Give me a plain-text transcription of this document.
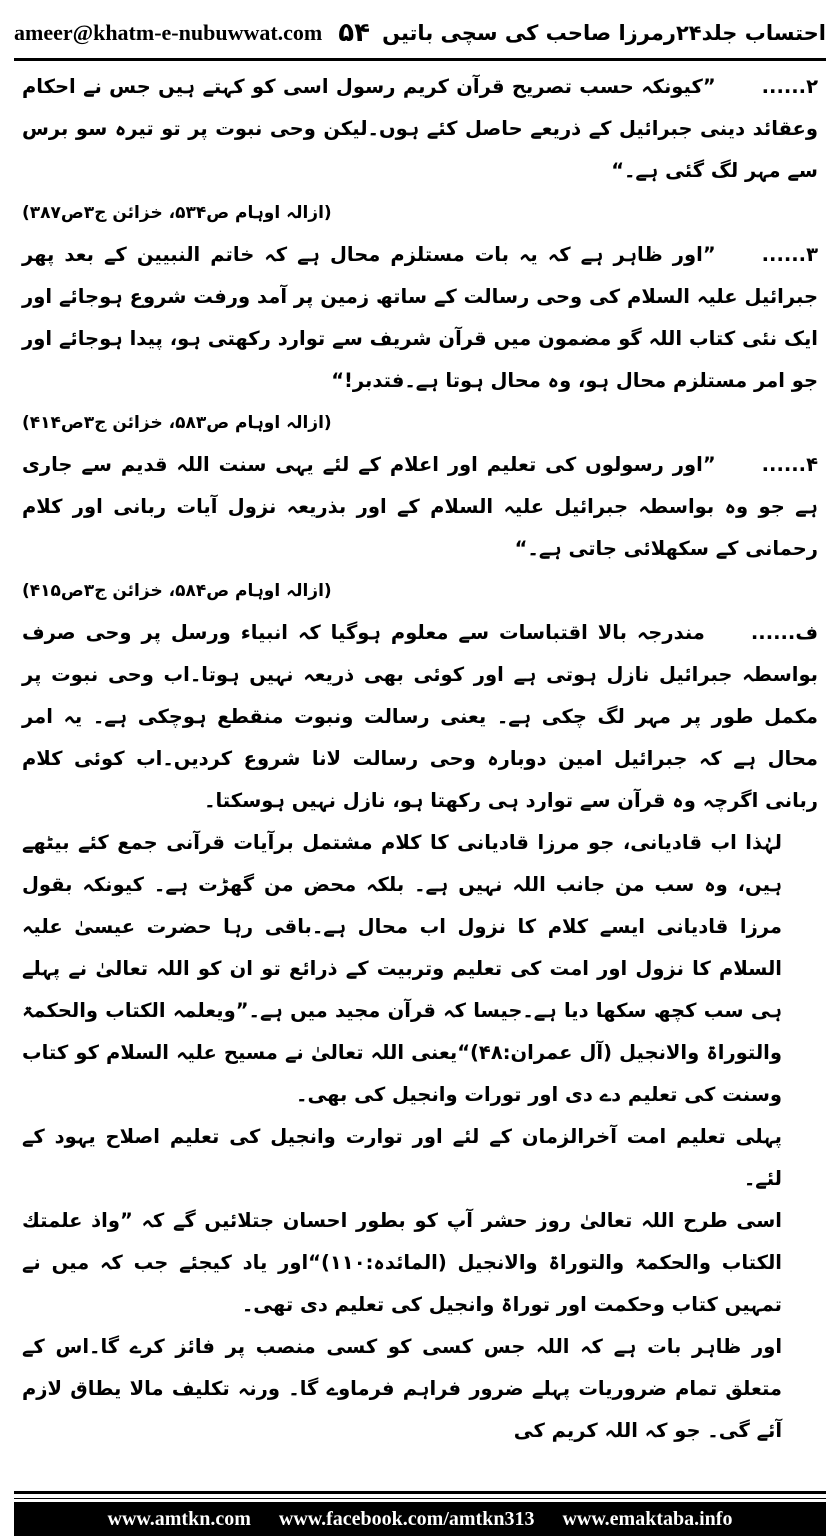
ameer@khatm-e-nubuwwat.com ۵۴ احتساب جلد۲۴رمرزا صاحب کی سچی باتیں

۲......”کیونکہ حسب تصریح قرآن کریم رسول اسی کو کہتے ہیں جس نے احکام وعقائد دینی جبرائیل کے ذریعے حاصل کئے ہوں۔لیکن وحی نبوت پر تو تیرہ سو برس سے مہر لگ گئی ہے۔“

(ازالہ اوہام ص۵۳۴، خزائن ج۳ص۳۸۷)

۳......”اور ظاہر ہے کہ یہ بات مستلزم محال ہے کہ خاتم النبیین کے بعد پھر جبرائیل علیہ السلام کی وحی رسالت کے ساتھ زمین پر آمد ورفت شروع ہوجائے اور ایک نئی کتاب اللہ گو مضمون میں قرآن شریف سے توارد رکھتی ہو، پیدا ہوجائے اور جو امر مستلزم محال ہو، وہ محال ہوتا ہے۔فتدبر!“

(ازالہ اوہام ص۵۸۳، خزائن ج۳ص۴۱۴)

۴......”اور رسولوں کی تعلیم اور اعلام کے لئے یہی سنت اللہ قدیم سے جاری ہے جو وہ بواسطہ جبرائیل علیہ السلام کے اور بذریعہ نزول آیات ربانی اور کلام رحمانی کے سکھلائی جاتی ہے۔“

(ازالہ اوہام ص۵۸۴، خزائن ج۳ص۴۱۵)

ف......مندرجہ بالا اقتباسات سے معلوم ہوگیا کہ انبیاء ورسل پر وحی صرف بواسطہ جبرائیل نازل ہوتی ہے اور کوئی بھی ذریعہ نہیں ہوتا۔اب وحی نبوت پر مکمل طور پر مہر لگ چکی ہے۔ یعنی رسالت ونبوت منقطع ہوچکی ہے۔ یہ امر محال ہے کہ جبرائیل امین دوبارہ وحی رسالت لانا شروع کردیں۔اب کوئی کلام ربانی اگرچہ وہ قرآن سے توارد ہی رکھتا ہو، نازل نہیں ہوسکتا۔

لہٰذا اب قادیانی، جو مرزا قادیانی کا کلام مشتمل برآیات قرآنی جمع کئے بیٹھے ہیں، وہ سب من جانب اللہ نہیں ہے۔ بلکہ محض من گھڑت ہے۔ کیونکہ بقول مرزا قادیانی ایسے کلام کا نزول اب محال ہے۔باقی رہا حضرت عیسیٰ علیہ السلام کا نزول اور امت کی تعلیم وتربیت کے ذرائع تو ان کو اللہ تعالیٰ نے پہلے ہی سب کچھ سکھا دیا ہے۔جیسا کہ قرآن مجید میں ہے۔”ویعلمہ الکتاب والحکمۃ والتوراۃ والانجیل (آل عمران:۴۸)“یعنی اللہ تعالیٰ نے مسیح علیہ السلام کو کتاب وسنت کی تعلیم دے دی اور تورات وانجیل کی بھی۔

پہلی تعلیم امت آخرالزمان کے لئے اور توارت وانجیل کی تعلیم اصلاح یہود کے لئے۔

اسی طرح اللہ تعالیٰ روز حشر آپ کو بطور احسان جتلائیں گے کہ ”واذ علمتك الکتاب والحکمۃ والتوراۃ والانجیل (المائدہ:۱۱۰)“اور یاد کیجئے جب کہ میں نے تمہیں کتاب وحکمت اور توراۃ وانجیل کی تعلیم دی تھی۔

اور ظاہر بات ہے کہ اللہ جس کسی کو کسی منصب پر فائز کرے گا۔اس کے متعلق تمام ضروریات پہلے ضرور فراہم فرماوے گا۔ ورنہ تکلیف مالا یطاق لازم آئے گی۔ جو کہ اللہ کریم کی

www.amtkn.com www.facebook.com/amtkn313 www.emaktaba.info
